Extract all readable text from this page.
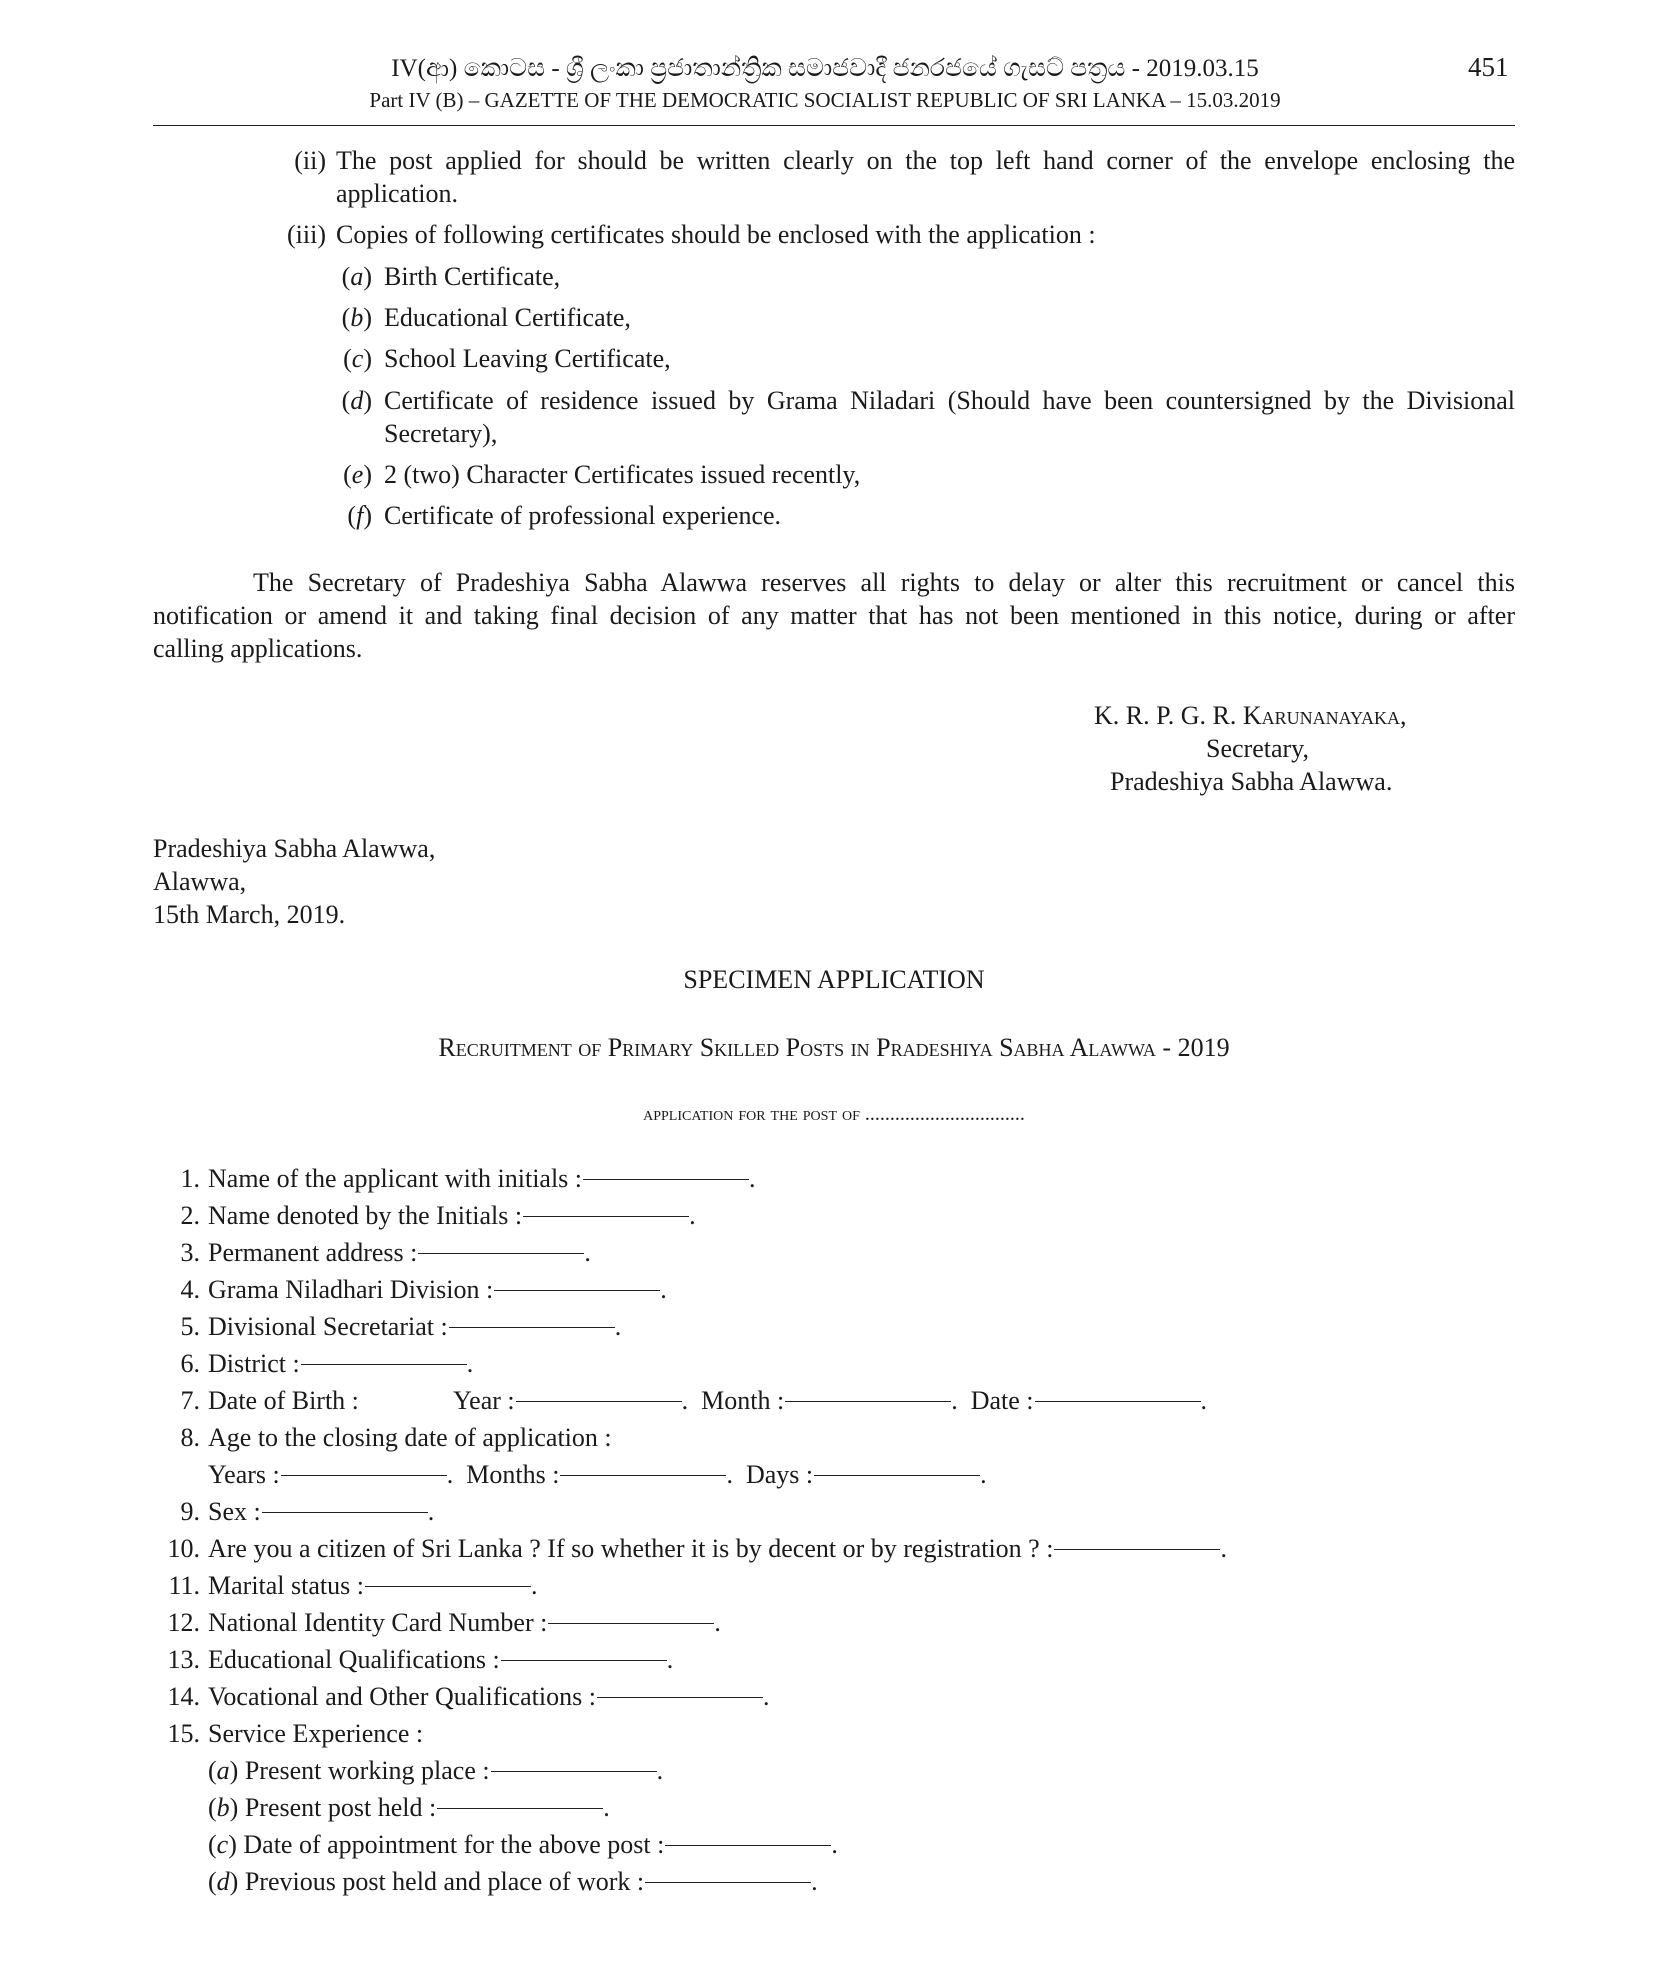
IV(ආ) කොටස - ශ්‍රී ලංකා ප්‍රජාතාන්ත්‍රික සමාජවාදී ජනරජයේ ගැසට් පත්‍රය - 2019.03.15
Part IV (B) – GAZETTE OF THE DEMOCRATIC SOCIALIST REPUBLIC OF SRI LANKA – 15.03.2019
451
(ii) The post applied for should be written clearly on the top left hand corner of the envelope enclosing the
application.
(iii) Copies of following certificates should be enclosed with the application :
(a) Birth Certificate,
(b) Educational Certificate,
(c) School Leaving Certificate,
(d) Certificate of residence issued by Grama Niladari (Should have been countersigned by the Divisional
Secretary),
(e) 2 (two) Character Certificates issued recently,
(f) Certificate of professional experience.
The Secretary of Pradeshiya Sabha Alawwa reserves all rights to delay or alter this recruitment or cancel this
notification or amend it and taking final decision of any matter that has not been mentioned in this notice, during or after
calling applications.
K. R. P. G. R. Karunanayaka,
Secretary,
Pradeshiya Sabha Alawwa.
Pradeshiya Sabha Alawwa,
Alawwa,
15th March, 2019.
SPECIMEN APPLICATION
Recruitment of Primary Skilled Posts in Pradeshiya Sabha Alawwa - 2019
application for the post of ................................
1. Name of the applicant with initials :	.
2. Name denoted by the Initials :	.
3. Permanent address :	.
4. Grama Niladhari Division :	.
5. Divisional Secretariat :	.
6. District :	.
7. Date of Birth :	Year :	. Month :	. Date :	.
8. Age to the closing date of application :
Years :	. Months :	. Days :	.
9. Sex :	.
10. Are you a citizen of Sri Lanka ? If so whether it is by decent or by registration ? :	.
11. Marital status :	.
12. National Identity Card Number :	.
13. Educational Qualifications :	.
14. Vocational and Other Qualifications :	.
15. Service Experience :
(a) Present working place :	.
(b) Present post held :	.
(c) Date of appointment for the above post :	.
(d) Previous post held and place of work :	.
